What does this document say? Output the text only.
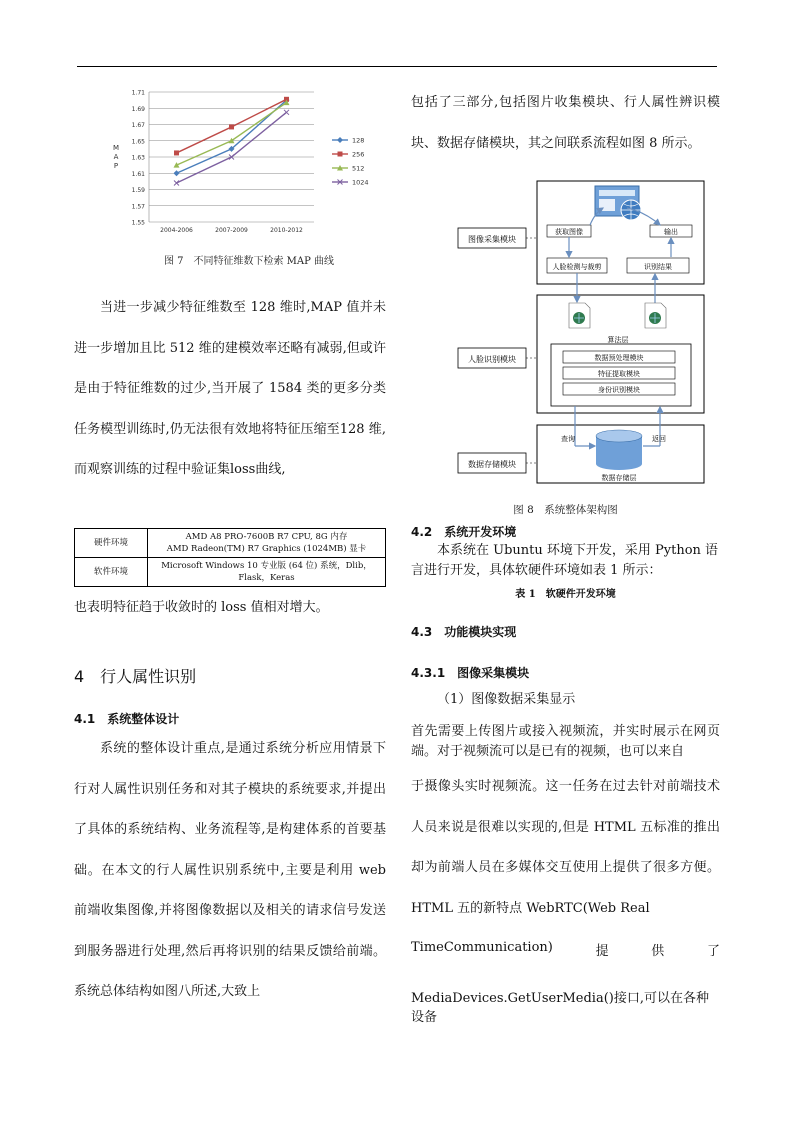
1.55
1.57
1.59
1.61
1.63
1.65
1.67
1.69
1.71
2004-2006	2007-2009	2010-2012
M
A
P
128
256
512
1024
图 7　不同特征维数下检索 MAP 曲线

当进一步减少特征维数至 128 维时,MAP 值并未进一步增加且比 512 维的建模效率还略有减弱,但或许是由于特征维数的过少,当开展了 1584 类的更多分类任务模型训练时,仍无法很有效地将特征压缩至128 维,而观察训练的过程中验证集loss曲线,

硬件环境	AMD A8 PRO-7600B R7 CPU, 8G 内存
AMD Radeon(TM) R7 Graphics (1024MB) 显卡

软件环境	Microsoft Windows 10 专业版 (64 位) 系统，Dlib，
Flask，Keras

也表明特征趋于收敛时的 loss 值相对增大。

4　行人属性识别
4.1　系统整体设计

系统的整体设计重点,是通过系统分析应用情景下行对人属性识别任务和对其子模块的系统要求,并提出了具体的系统结构、业务流程等,是构建体系的首要基础。在本文的行人属性识别系统中,主要是利用 web 前端收集图像,并将图像数据以及相关的请求信号发送到服务器进行处理,然后再将识别的结果反馈给前端。系统总体结构如图八所述,大致上

包括了三部分,包括图片收集模块、行人属性辨识模块、数据存储模块，其之间联系流程如图 8 所示。

图像采集模块
人脸识别模块
数据存储模块
获取图像	输出
人脸检测与裁剪	识别结果
算法层
数据预处理模块
特征提取模块
身份识别模块
查询	返回
数据存储层
图 8　系统整体架构图
4.2　系统开发环境

本系统在 Ubuntu 环境下开发，采用 Python 语言进行开发，具体软硬件环境如表 1 所示：

表 1　软硬件开发环境
4.3　功能模块实现
4.3.1　图像采集模块
（1）图像数据采集显示

首先需要上传图片或接入视频流，并实时展示在网页端。对于视频流可以是已有的视频，也可以来自

于摄像头实时视频流。这一任务在过去针对前端技术人员来说是很难以实现的,但是 HTML 五标准的推出却为前端人员在多媒体交互使用上提供了很多方便。HTML 五的新特点 WebRTC(Web Real

TimeCommunication)	提	供	了
MediaDevices.GetUserMedia()接口,可以在各种设备
